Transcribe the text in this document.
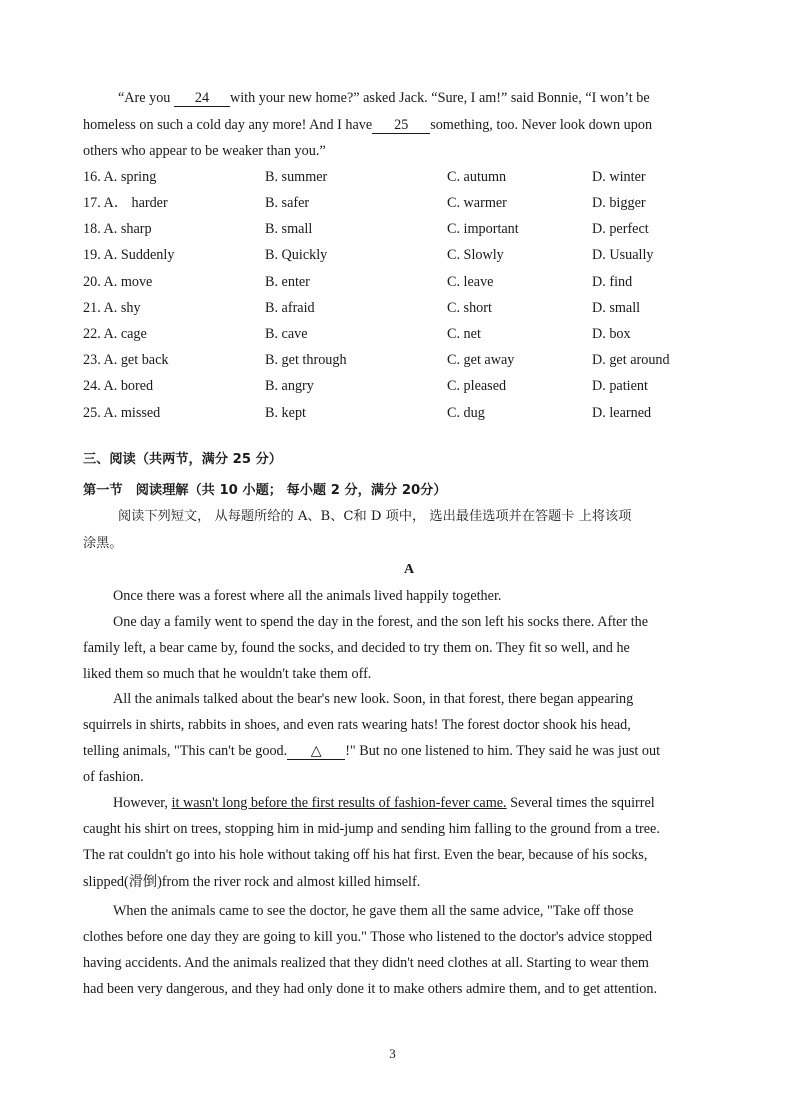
“Are you 24 with your new home?” asked Jack. “Sure, I am!” said Bonnie, “I won’t be
homeless on such a cold day any more! And I have 25 something, too. Never look down upon
others who appear to be weaker than you.”
16. A. spring	B. summer	C. autumn	D. winter
17. A． harder	B. safer	C. warmer	D. bigger
18. A. sharp	B. small	C. important	D. perfect
19. A. Suddenly	B. Quickly	C. Slowly	D. Usually
20. A. move	B. enter	C. leave	D. find
21. A. shy	B. afraid	C. short	D. small
22. A. cage	B. cave	C. net	D. box
23. A. get back	B. get through	C. get away	D. get around
24. A. bored	B. angry	C. pleased	D. patient
25. A. missed	B. kept	C. dug	D. learned
三、阅读（共两节，满分 25 分）
第一节　阅读理解（共 10 小题； 每小题 2 分，满分 20分）
阅读下列短文， 从每题所给的 A、B、C和 D 项中， 选出最佳选项并在答题卡 上将该项
涂黑。
A
Once there was a forest where all the animals lived happily together.
One day a family went to spend the day in the forest, and the son left his socks there. After the
family left, a bear came by, found the socks, and decided to try them on. They fit so well, and he
liked them so much that he wouldn't take them off.
All the animals talked about the bear's new look. Soon, in that forest, there began appearing
squirrels in shirts, rabbits in shoes, and even rats wearing hats! The forest doctor shook his head,
telling animals, "This can't be good. △ !" But no one listened to him. They said he was just out
of fashion.
However, it wasn't long before the first results of fashion-fever came. Several times the squirrel
caught his shirt on trees, stopping him in mid-jump and sending him falling to the ground from a tree.
The rat couldn't go into his hole without taking off his hat first. Even the bear, because of his socks,
slipped(滑倒)from the river rock and almost killed himself.
When the animals came to see the doctor, he gave them all the same advice, "Take off those
clothes before one day they are going to kill you." Those who listened to the doctor's advice stopped
having accidents. And the animals realized that they didn't need clothes at all. Starting to wear them
had been very dangerous, and they had only done it to make others admire them, and to get attention.
3
